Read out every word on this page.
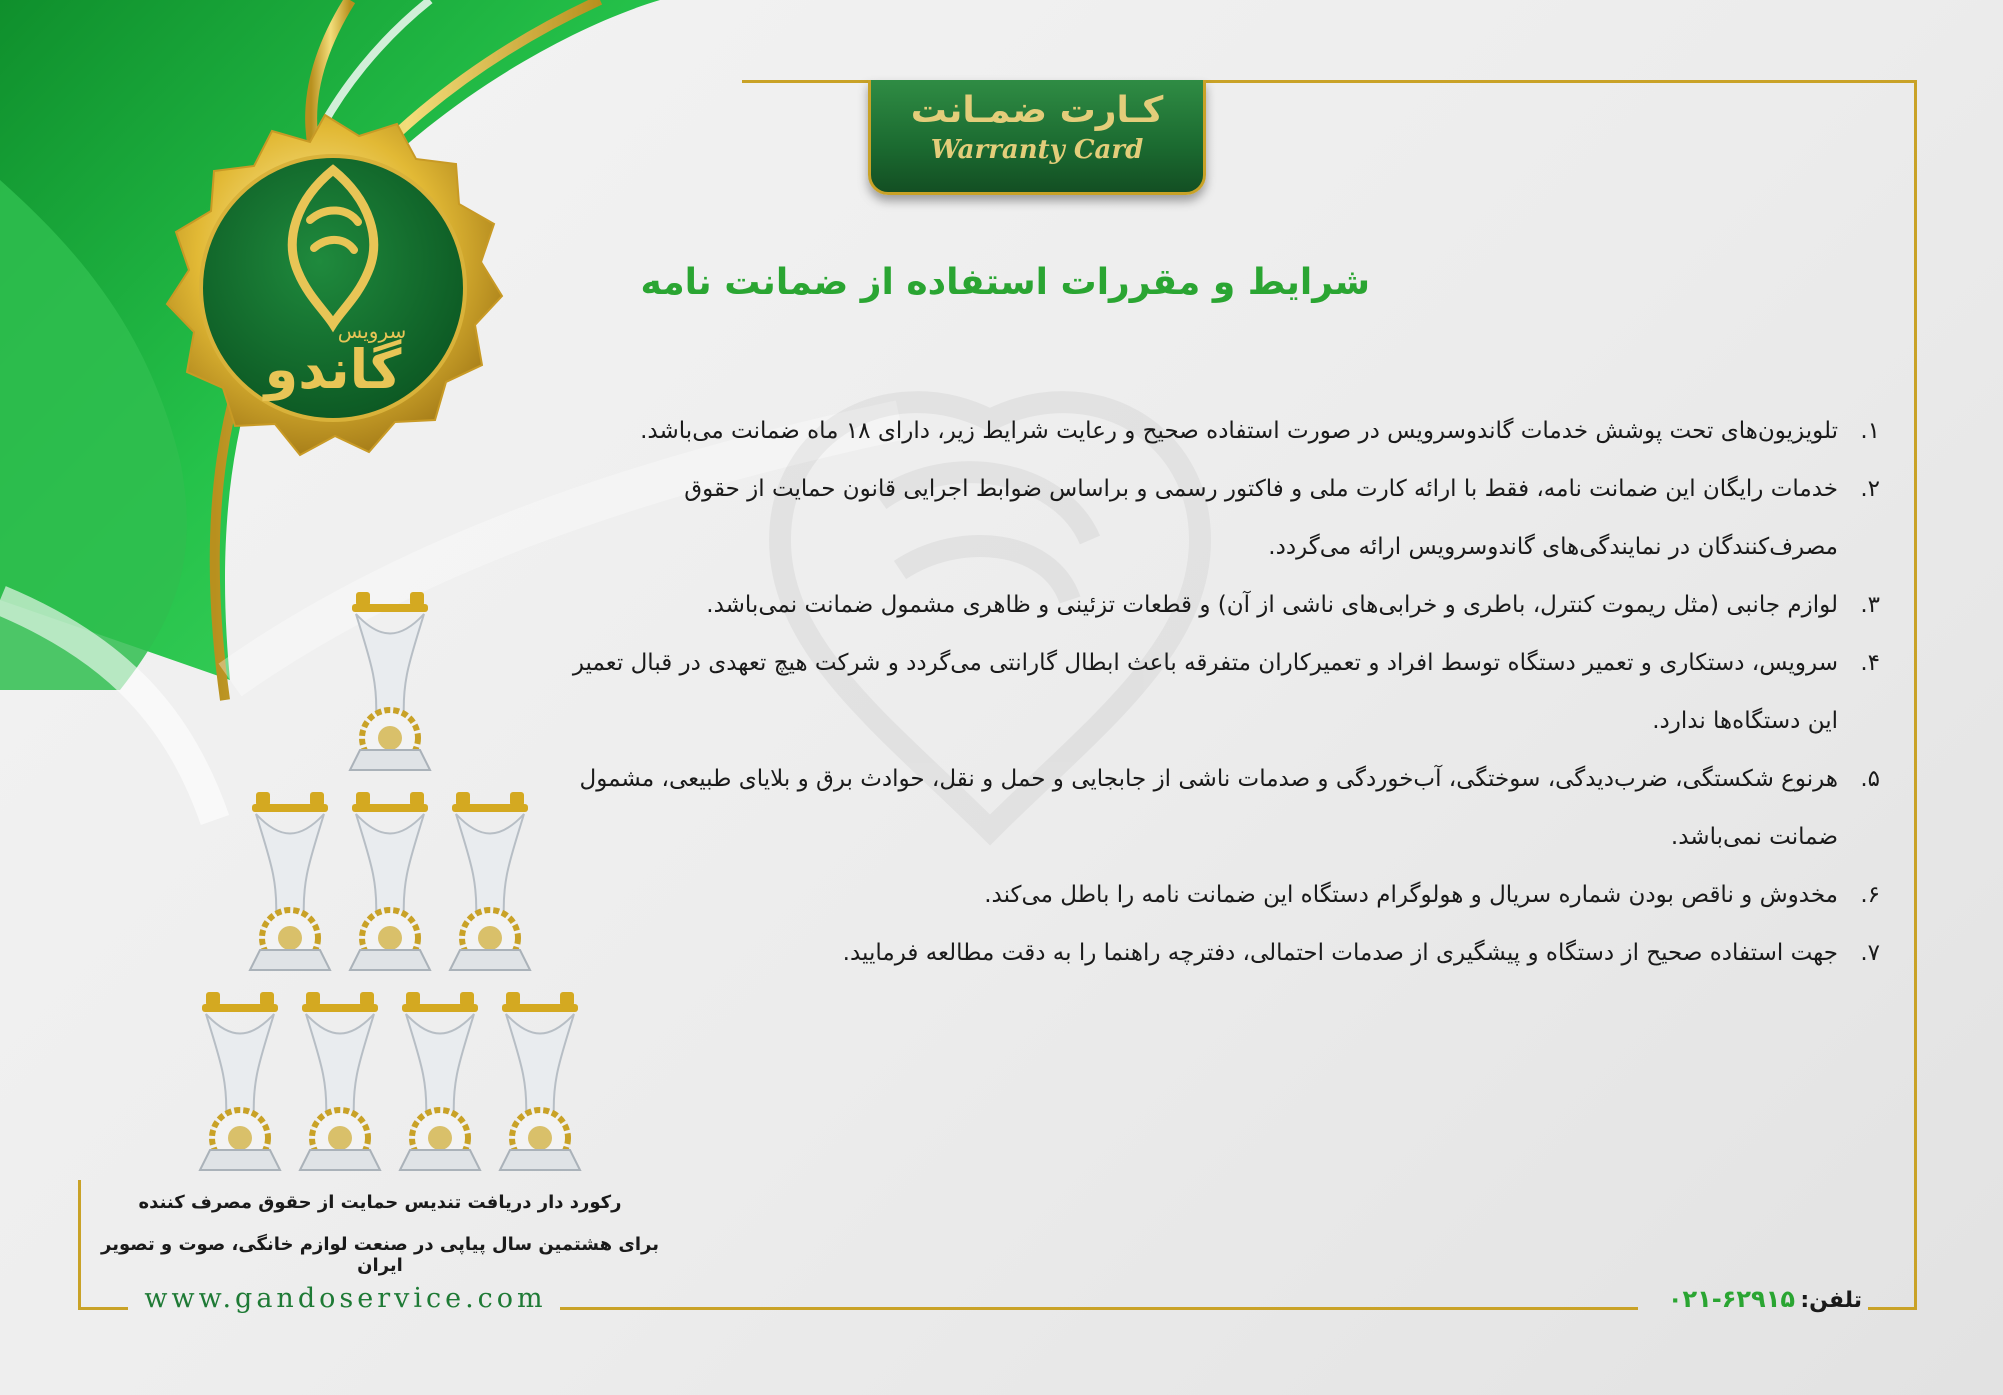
گاندو
سرویس
کـارت ضمـانت
Warranty Card
شرایط و مقررات استفاده از ضمانت نامه
۱.
تلویزیون‌های تحت پوشش خدمات گاندوسرویس در صورت استفاده صحیح و رعایت شرایط زیر، دارای ۱۸ ماه ضمانت می‌باشد.
۲.
خدمات رایگان این ضمانت نامه، فقط با ارائه کارت ملی و فاکتور رسمی و براساس ضوابط اجرایی قانون حمایت از حقوق مصرف‌کنندگان در نمایندگی‌های گاندوسرویس ارائه می‌گردد.
۳.
لوازم جانبی (مثل ریموت کنترل، باطری و خرابی‌های ناشی از آن) و قطعات تزئینی و ظاهری مشمول ضمانت نمی‌باشد.
۴.
سرویس، دستکاری و تعمیر دستگاه توسط افراد و تعمیرکاران متفرقه باعث ابطال گارانتی می‌گردد و شرکت هیچ تعهدی در قبال تعمیر این دستگاه‌ها ندارد.
۵.
هرنوع شکستگی، ضرب‌دیدگی، سوختگی، آب‌خوردگی و صدمات ناشی از جابجایی و حمل و نقل، حوادث برق و بلایای طبیعی، مشمول ضمانت نمی‌باشد.
۶.
مخدوش و ناقص بودن شماره سریال و هولوگرام دستگاه این ضمانت نامه را باطل می‌کند.
۷.
جهت استفاده صحیح از دستگاه و پیشگیری از صدمات احتمالی، دفترچه راهنما را به دقت مطالعه فرمایید.
رکورد دار دریافت تندیس حمایت از حقوق مصرف کننده
برای هشتمین سال پیاپی در صنعت لوازم خانگی، صوت و تصویر ایران
www.gandoservice.com	تلفن:
۰۲۱-۶۲۹۱۵
